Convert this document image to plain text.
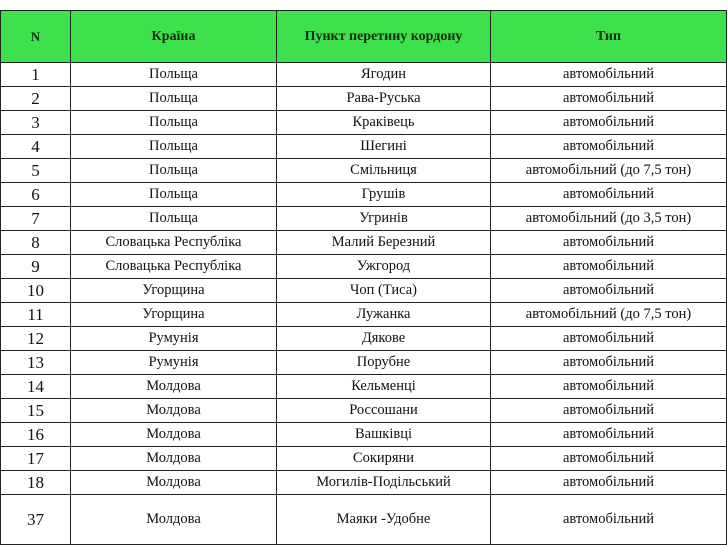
N	Країна	Пункт перетину кордону	Тип
1	Польща	Ягодин	автомобільний
2	Польща	Рава-Руська	автомобільний
3	Польща	Краківець	автомобільний
4	Польща	Шегині	автомобільний
5	Польща	Смільниця	автомобільний (до 7,5 тон)
6	Польща	Грушів	автомобільний
7	Польща	Угринів	автомобільний (до 3,5 тон)
8	Словацька Республіка	Малий Березний	автомобільний
9	Словацька Республіка	Ужгород	автомобільний
10	Угорщина	Чоп (Тиса)	автомобільний
11	Угорщина	Лужанка	автомобільний (до 7,5 тон)
12	Румунія	Дякове	автомобільний
13	Румунія	Порубне	автомобільний
14	Молдова	Кельменці	автомобільний
15	Молдова	Россошани	автомобільний
16	Молдова	Вашківці	автомобільний
17	Молдова	Сокиряни	автомобільний
18	Молдова	Могилів-Подільський	автомобільний
37	Молдова	Маяки -Удобне	автомобільний
